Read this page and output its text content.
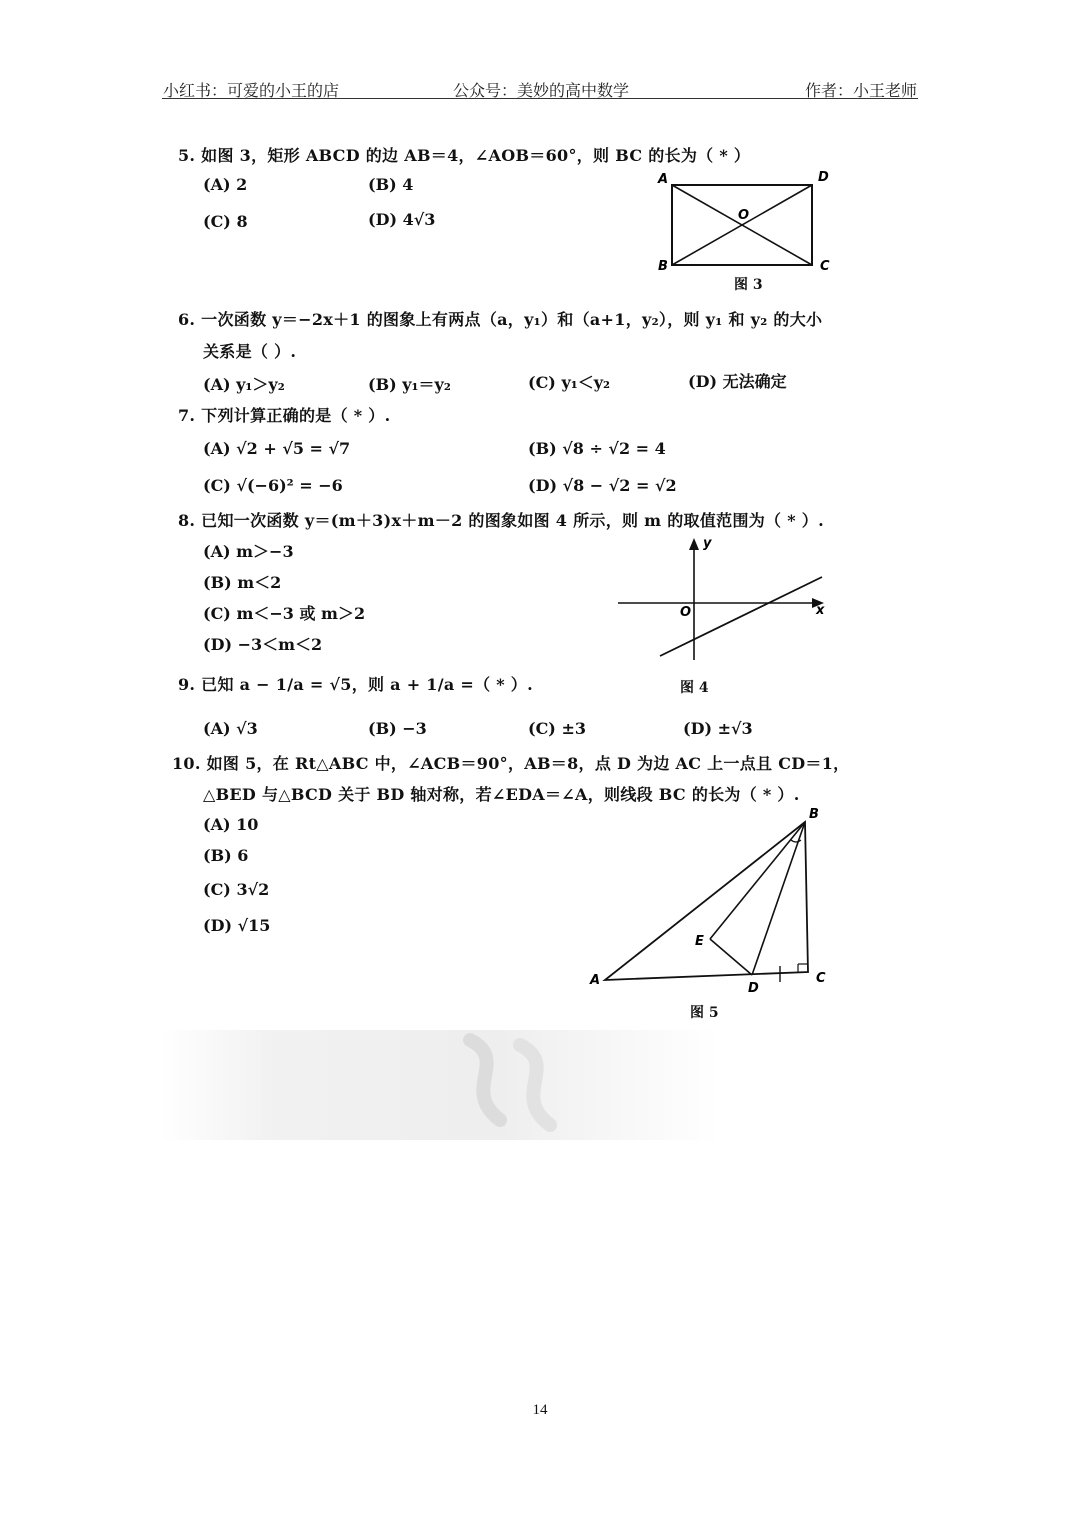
小红书：可爱的小王的店	公众号：美妙的高中数学	作者：小王老师
5. 如图 3，矩形 ABCD 的边 AB＝4，∠AOB＝60°，则 BC 的长为（ * ）
(A) 2	(B) 4
(C) 8	(D) 4√3
A	D
B	C
O
图 3
6. 一次函数 y＝−2x＋1 的图象上有两点（a，y₁）和（a+1，y₂），则 y₁ 和 y₂ 的大小
关系是（ ）.
(A) y₁＞y₂	(B) y₁＝y₂	(C) y₁＜y₂	(D) 无法确定
7. 下列计算正确的是（ * ）.
(A) √2 + √5 = √7	(B) √8 ÷ √2 = 4
(C) √(−6)² = −6	(D) √8 − √2 = √2
8. 已知一次函数 y＝(m＋3)x＋m－2 的图象如图 4 所示，则 m 的取值范围为（ * ）.
(A) m＞−3
(B) m＜2
(C) m＜−3 或 m＞2
(D) −3＜m＜2
y
x
O
9. 已知 a − 1/a = √5，则 a + 1/a =（ * ）.	图 4
(A) √3	(B) −3	(C) ±3	(D) ±√3
10. 如图 5，在 Rt△ABC 中，∠ACB＝90°，AB＝8，点 D 为边 AC 上一点且 CD＝1，
△BED 与△BCD 关于 BD 轴对称，若∠EDA＝∠A，则线段 BC 的长为（ * ）.
(A) 10
(B) 6
(C) 3√2
(D) √15
B
E
A
D
C
图 5
14
